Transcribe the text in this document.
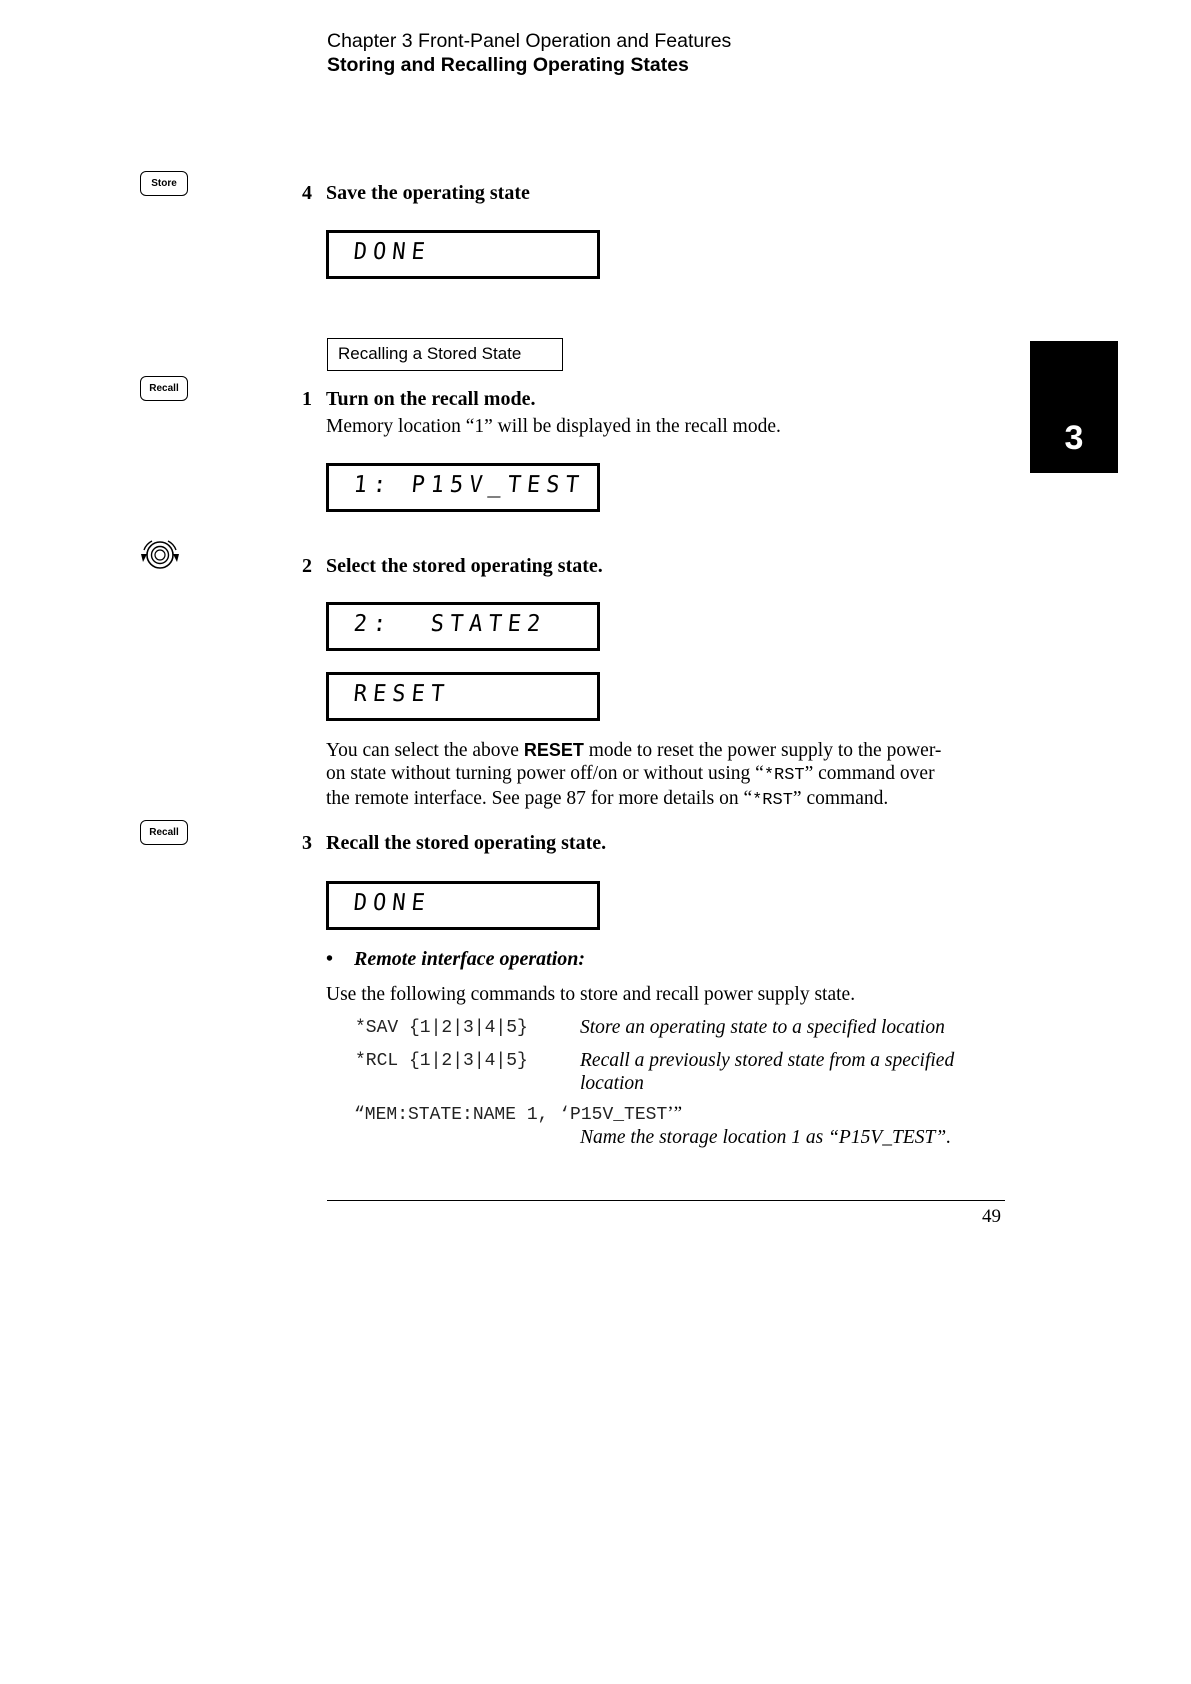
Chapter 3 Front-Panel Operation and Features
Storing and Recalling Operating States
3
Store	4 Save the operating state
DONE
Recalling a Stored State
Recall	1 Turn on the recall mode.
Memory location “1” will be displayed in the recall mode.
1: P15V_TEST
2 Select the stored operating state.
2:  STATE2
RESET
You can select the above RESET mode to reset the power supply to the power-
on state without turning power off/on or without using “*RST” command over
the remote interface. See page 87 for more details on “*RST” command.
Recall	3 Recall the stored operating state.
DONE
• Remote interface operation:
Use the following commands to store and recall power supply state.
*SAV {1|2|3|4|5}	Store an operating state to a specified location
*RCL {1|2|3|4|5}	Recall a previously stored state from a specified
location
“MEM:STATE:NAME 1, ‘P15V_TEST’”
Name the storage location 1 as “P15V_TEST”.
49
